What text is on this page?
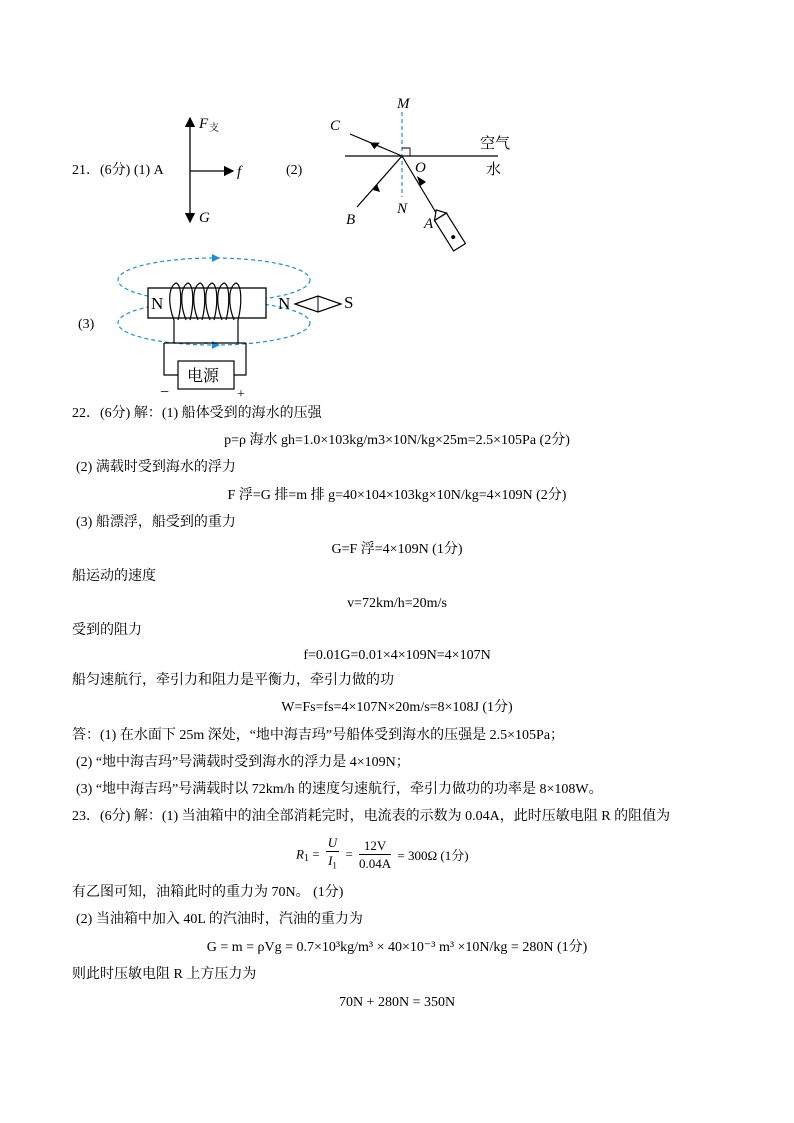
21．(6分) (1) A
F 支
f
G
(2)
M
N
O
C
B	A
空气
水
(3)
电源
−	+
N	N	S
22．(6分) 解：(1) 船体受到的海水的压强
p=ρ 海水 gh=1.0×103kg/m3×10N/kg×25m=2.5×105Pa (2分)
(2) 满载时受到海水的浮力
F 浮=G 排=m 排 g=40×104×103kg×10N/kg=4×109N (2分)
(3) 船漂浮，船受到的重力
G=F 浮=4×109N (1分)
船运动的速度
v=72km/h=20m/s
受到的阻力
f=0.01G=0.01×4×109N=4×107N
船匀速航行，牵引力和阻力是平衡力，牵引力做的功
W=Fs=fs=4×107N×20m/s=8×108J (1分)
答：(1) 在水面下 25m 深处，“地中海吉玛”号船体受到海水的压强是 2.5×105Pa；
(2) “地中海吉玛”号满载时受到海水的浮力是 4×109N；
(3) “地中海吉玛”号满载时以 72km/h 的速度匀速航行，牵引力做功的功率是 8×108W。
23．(6分) 解：(1) 当油箱中的油全部消耗完时，电流表的示数为 0.04A，此时压敏电阻 R 的阻值为
$R_1 = \frac{U}{I_1} = \frac{12V}{0.04A} = 300\Omega$ (1分)
有乙图可知，油箱此时的重力为 70N。 (1分)
(2) 当油箱中加入 40L 的汽油时，汽油的重力为
G = m = ρVg = 0.7×10³kg/m³ × 40×10⁻³ m³ ×10N/kg = 280N (1分)
则此时压敏电阻 R 上方压力为
70N + 280N = 350N
